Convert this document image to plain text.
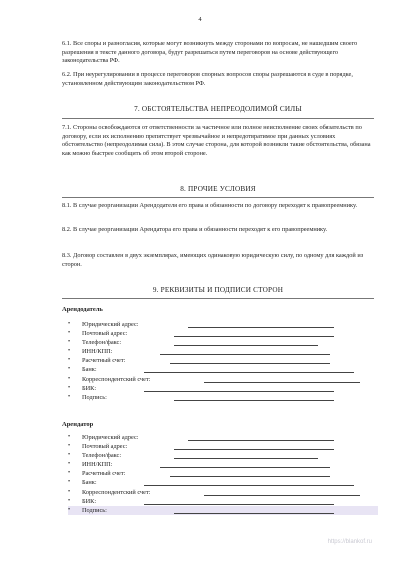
4
6.1. Все споры и разногласия, которые могут возникнуть между сторонами по вопросам, не нашедшим своего разрешения в тексте данного договора, будут разрешаться путем переговоров на основе действующего законодательства РФ.
6.2. При неурегулировании в процессе переговоров спорных вопросов споры разрешаются в суде в порядке, установленном действующим законодательством РФ.
7. ОБСТОЯТЕЛЬСТВА НЕПРЕОДОЛИМОЙ СИЛЫ
7.1. Стороны освобождаются от ответственности за частичное или полное неисполнение своих обязательств по договору, если их исполнению препятствует чрезвычайное и непредотвратимое при данных условиях обстоятельство (непреодолимая сила). В этом случае сторона, для которой возникли такие обстоятельства, обязана как можно быстрее сообщить об этом второй стороне.
8. ПРОЧИЕ УСЛОВИЯ
8.1. В случае реорганизации Арендодателя его права и обязанности по договору переходят к правопреемнику.
8.2. В случае реорганизации Арендатора его права и обязанности переходят к его правопреемнику.
8.3. Договор составлен в двух экземплярах, имеющих одинаковую юридическую силу, по одному для каждой из сторон.
9. РЕКВИЗИТЫ И ПОДПИСИ СТОРОН
Арендодатель
• Юридический адрес:
• Почтовый адрес:
• Телефон/факс:
• ИНН/КПП:
• Расчетный счет:
• Банк:
• Корреспондентский счет:
• БИК:
• Подпись:
Арендатор
• Юридический адрес:
• Почтовый адрес:
• Телефон/факс:
• ИНН/КПП:
• Расчетный счет:
• Банк:
• Корреспондентский счет:
• БИК:
• Подпись:
https://blankof.ru
